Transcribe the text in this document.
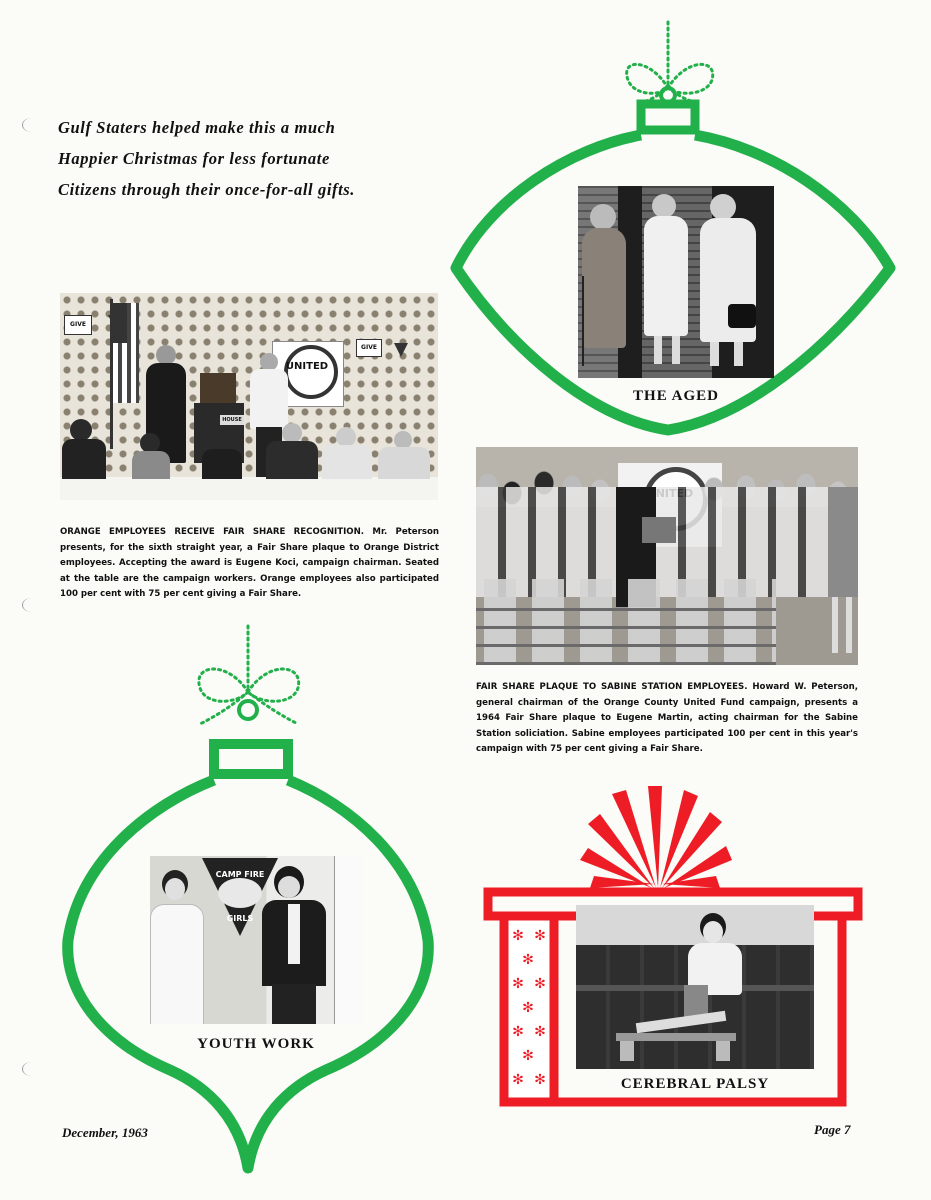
Gulf Staters helped make this a much
Happier Christmas for less fortunate
Citizens through their once-for-all gifts.
THE AGED
GIVE
GIVE
UNITED
HOUSE
ORANGE EMPLOYEES RECEIVE FAIR SHARE RECOGNITION. Mr. Peterson presents, for the sixth straight year, a Fair Share plaque to Orange District employees. Accepting the award is Eugene Koci, campaign chairman. Seated at the table are the campaign workers. Orange employees also participated 100 per cent with 75 per cent giving a Fair Share.
FAIR SHARE PLAQUE TO SABINE STATION EMPLOYEES. Howard W. Peterson, general chairman of the Orange County United Fund campaign, presents a 1964 Fair Share plaque to Eugene Martin, acting chairman for the Sabine Station soliciation. Sabine employees participated 100 per cent in this year's campaign with 75 per cent giving a Fair Share.
CAMP FIRE
GIRLS
YOUTH WORK
✻ ✻
✻
✻ ✻
✻
✻ ✻
✻
✻ ✻	CEREBRAL PALSY
December, 1963	Page 7
